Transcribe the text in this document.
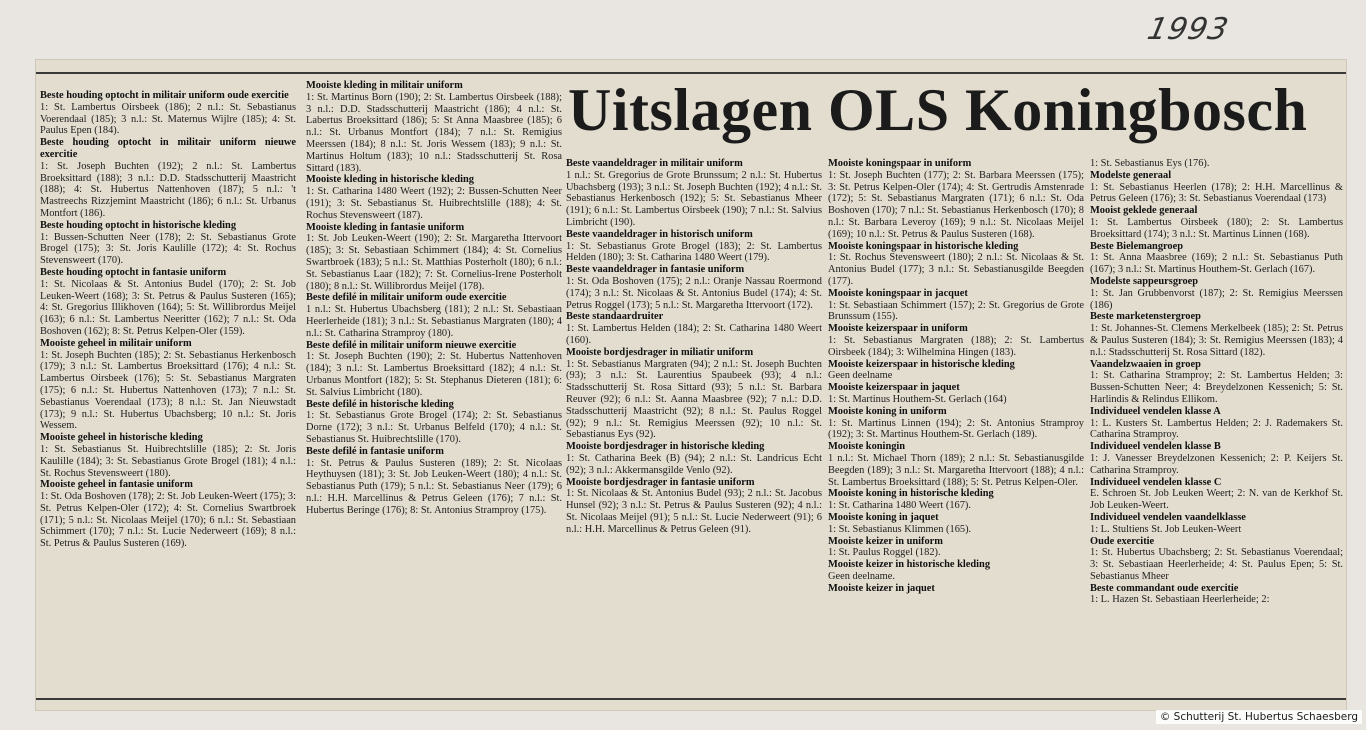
1993
Uitslagen OLS Koningbosch

Beste houding optocht in militair uniform oude exercitie

1: St. Lambertus Oirsbeek (186); 2 n.l.: St. Sebastianus Voerendaal (185); 3 n.l.: St. Maternus Wijlre (185); 4: St. Paulus Epen (184).

Beste houding optocht in militair uniform nieuwe exercitie

1: St. Joseph Buchten (192); 2 n.l.: St. Lambertus Broeksittard (188); 3 n.l.: D.D. Stadsschutterij Maastricht (188); 4: St. Hubertus Nattenhoven (187); 5 n.l.: 't Mastreechs Rizzjemint Maastricht (186); 6 n.l.: St. Urbanus Montfort (186).

Beste houding optocht in historische kleding

1: Bussen-Schutten Neer (178); 2: St. Sebastianus Grote Brogel (175); 3: St. Joris Kaulille (172); 4: St. Rochus Stevensweert (170).

Beste houding optocht in fantasie uniform

1: St. Nicolaas & St. Antonius Budel (170); 2: St. Job Leuken-Weert (168); 3: St. Petrus & Paulus Susteren (165); 4: St. Gregorius Illikhoven (164); 5: St. Willibrordus Meijel (163); 6 n.l.: St. Lambertus Neeritter (162); 7 n.l.: St. Oda Boshoven (162); 8: St. Petrus Kelpen-Oler (159).

Mooiste geheel in militair uniform

1: St. Joseph Buchten (185); 2: St. Sebastianus Herkenbosch (179); 3 n.l.: St. Lambertus Broeksittard (176); 4 n.l.: St. Lambertus Oirsbeek (176); 5: St. Sebastianus Margraten (175); 6 n.l.: St. Hubertus Nattenhoven (173); 7 n.l.: St. Sebastianus Voerendaal (173); 8 n.l.: St. Jan Nieuwstadt (173); 9 n.l.: St. Hubertus Ubachsberg; 10 n.l.: St. Joris Wessem.

Mooiste geheel in historische kleding

1: St. Sebastianus St. Huibrechtslille (185); 2: St. Joris Kaulille (184); 3: St. Sebastianus Grote Brogel (181); 4 n.l.: St. Rochus Stevensweert (180).

Mooiste geheel in fantasie uniform

1: St. Oda Boshoven (178); 2: St. Job Leuken-Weert (175); 3: St. Petrus Kelpen-Oler (172); 4: St. Cornelius Swartbroek (171); 5 n.l.: St. Nicolaas Meijel (170); 6 n.l.: St. Sebastiaan Schimmert (170); 7 n.l.: St. Lucie Nederweert (169); 8 n.l.: St. Petrus & Paulus Susteren (169).

Mooiste kleding in militair uniform

1: St. Martinus Born (190); 2: St. Lambertus Oirsbeek (188); 3 n.l.: D.D. Stadsschutterij Maastricht (186); 4 n.l.: St. Labertus Broeksittard (186); 5: St Anna Maasbree (185); 6 n.l.: St. Urbanus Montfort (184); 7 n.l.: St. Remigius Meerssen (184); 8 n.l.: St. Joris Wessem (183); 9 n.l.: St. Martinus Holtum (183); 10 n.l.: Stadsschutterij St. Rosa Sittard (183).

Mooiste kleding in historische kleding

1: St. Catharina 1480 Weert (192); 2: Bussen-Schutten Neer (191); 3: St. Sebastianus St. Huibrechtslille (188); 4: St. Rochus Stevensweert (187).

Mooiste kleding in fantasie uniform

1: St. Job Leuken-Weert (190); 2: St. Margaretha Ittervoort (185); 3: St. Sebastiaan Schimmert (184); 4: St. Cornelius Swartbroek (183); 5 n.l.: St. Matthias Posterholt (180); 6 n.l.: St. Sebastianus Laar (182); 7: St. Cornelius-Irene Posterholt (180); 8 n.l.: St. Willibrordus Meijel (178).

Beste defilé in militair uniform oude exercitie

1 n.l.: St. Hubertus Ubachsberg (181); 2 n.l.: St. Sebastiaan Heerlerheide (181); 3 n.l.: St. Sebastianus Margraten (180); 4 n.l.: St. Catharina Stramproy (180).

Beste defilé in militair uniform nieuwe exercitie

1: St. Joseph Buchten (190); 2: St. Hubertus Nattenhoven (184); 3 n.l.: St. Lambertus Broeksittard (182); 4 n.l.: St. Urbanus Montfort (182); 5: St. Stephanus Dieteren (181); 6: St. Salvius Limbricht (180).

Beste defilé in historische kleding

1: St. Sebastianus Grote Brogel (174); 2: St. Sebastianus Dorne (172); 3 n.l.: St. Urbanus Belfeld (170); 4 n.l.: St. Sebastianus St. Huibrechtslille (170).

Beste defilé in fantasie uniform

1: St. Petrus & Paulus Susteren (189); 2: St. Nicolaas Heythuysen (181); 3: St. Job Leuken-Weert (180); 4 n.l.: St. Sebastianus Puth (179); 5 n.l.: St. Sebastianus Neer (179); 6 n.l.: H.H. Marcellinus & Petrus Geleen (176); 7 n.l.: St. Hubertus Beringe (176); 8: St. Antonius Stramproy (175).

Beste vaandeldrager in militair uniform

1 n.l.: St. Gregorius de Grote Brunssum; 2 n.l.: St. Hubertus Ubachsberg (193); 3 n.l.: St. Joseph Buchten (192); 4 n.l.: St. Sebastianus Herkenbosch (192); 5: St. Sebastianus Mheer (191); 6 n.l.: St. Lambertus Oirsbeek (190); 7 n.l.: St. Salvius Limbricht (190).

Beste vaandeldrager in historisch uniform

1: St. Sebastianus Grote Brogel (183); 2: St. Lambertus Helden (180); 3: St. Catharina 1480 Weert (179).

Beste vaandeldrager in fantasie uniform

1: St. Oda Boshoven (175); 2 n.l.: Oranje Nassau Roermond (174); 3 n.l.: St. Nicolaas & St. Antonius Budel (174); 4: St. Petrus Roggel (173); 5 n.l.: St. Margaretha Ittervoort (172).

Beste standaardruiter

1: St. Lambertus Helden (184); 2: St. Catharina 1480 Weert (160).

Mooiste bordjesdrager in miliatir uniform

1: St. Sebastianus Margraten (94); 2 n.l.: St. Joseph Buchten (93); 3 n.l.: St. Laurentius Spaubeek (93); 4 n.l.: Stadsschutterij St. Rosa Sittard (93); 5 n.l.: St. Barbara Reuver (92); 6 n.l.: St. Aanna Maasbree (92); 7 n.l.: D.D. Stadsschutterij Maastricht (92); 8 n.l.: St. Paulus Roggel (92); 9 n.l.: St. Remigius Meerssen (92); 10 n.l.: St. Sebastianus Eys (92).

Mooiste bordjesdrager in historische kleding

1: St. Catharina Beek (B) (94); 2 n.l.: St. Landricus Echt (92); 3 n.l.: Akkermansgilde Venlo (92).

Mooiste bordjesdrager in fantasie uniform

1: St. Nicolaas & St. Antonius Budel (93); 2 n.l.: St. Jacobus Hunsel (92); 3 n.l.: St. Petrus & Paulus Susteren (92); 4 n.l.: St. Nicolaas Meijel (91); 5 n.l.: St. Lucie Nederweert (91); 6 n.l.: H.H. Marcellinus & Petrus Geleen (91).

Mooiste koningspaar in uniform

1: St. Joseph Buchten (177); 2: St. Barbara Meerssen (175); 3: St. Petrus Kelpen-Oler (174); 4: St. Gertrudis Amstenrade (172); 5: St. Sebastianus Margraten (171); 6 n.l.: St. Oda Boshoven (170); 7 n.l.: St. Sebastianus Herkenbosch (170); 8 n.l.: St. Barbara Leveroy (169); 9 n.l.: St. Nicolaas Meijel (169); 10 n.l.: St. Petrus & Paulus Susteren (168).

Mooiste koningspaar in historische kleding

1: St. Rochus Stevensweert (180); 2 n.l.: St. Nicolaas & St. Antonius Budel (177); 3 n.l.: St. Sebastianusgilde Beegden (177).

Mooiste koningspaar in jacquet

1: St. Sebastiaan Schimmert (157); 2: St. Gregorius de Grote Brunssum (155).

Mooiste keizerspaar in uniform

1: St. Sebastianus Margraten (188); 2: St. Lambertus Oirsbeek (184); 3: Wilhelmina Hingen (183).

Mooiste keizerspaar in historische kleding

Geen deelname

Mooiste keizerspaar in jaquet

1: St. Martinus Houthem-St. Gerlach (164)

Mooiste koning in uniform

1: St. Martinus Linnen (194); 2: St. Antonius Stramproy (192); 3: St. Martinus Houthem-St. Gerlach (189).

Mooiste koningin

1 n.l.: St. Michael Thorn (189); 2 n.l.: St. Sebastianusgilde Beegden (189); 3 n.l.: St. Margaretha Ittervoort (188); 4 n.l.: St. Lambertus Broeksittard (188); 5: St. Petrus Kelpen-Oler.

Mooiste koning in historische kleding

1: St. Catharina 1480 Weert (167).

Mooiste koning in jaquet

1: St. Sebastianus Klimmen (165).

Mooiste keizer in uniform

1: St. Paulus Roggel (182).

Mooiste keizer in historische kleding

Geen deelname.

Mooiste keizer in jaquet

1: St. Sebastianus Eys (176).

Modelste generaal

1: St. Sebastianus Heerlen (178); 2: H.H. Marcellinus & Petrus Geleen (176); 3: St. Sebastianus Voerendaal (173)

Mooist geklede generaal

1: St. Lambertus Oirsbeek (180); 2: St. Lambertus Broeksittard (174); 3 n.l.: St. Martinus Linnen (168).

Beste Bielemangroep

1: St. Anna Maasbree (169); 2 n.l.: St. Sebastianus Puth (167); 3 n.l.: St. Martinus Houthem-St. Gerlach (167).

Modelste sappeursgroep

1: St. Jan Grubbenvorst (187); 2: St. Remigius Meerssen (186)

Beste marketenstergroep

1: St. Johannes-St. Clemens Merkelbeek (185); 2: St. Petrus & Paulus Susteren (184); 3: St. Remigius Meerssen (183); 4 n.l.: Stadsschutterij St. Rosa Sittard (182).

Vaandelzwaaien in groep

1: St. Catharina Stramproy; 2: St. Lambertus Helden; 3: Bussen-Schutten Neer; 4: Breydelzonen Kessenich; 5: St. Harlindis & Relindus Ellikom.

Individueel vendelen klasse A

1: L. Kusters St. Lambertus Helden; 2: J. Rademakers St. Catharina Stramproy.

Individueel vendelen klasse B

1: J. Vanesser Breydelzonen Kessenich; 2: P. Keijers St. Catharina Stramproy.

Individueel vendelen klasse C

E. Schroen St. Job Leuken Weert; 2: N. van de Kerkhof St. Job Leuken-Weert.

Individueel vendelen vaandelklasse

1: L. Stultiens St. Job Leuken-Weert

Oude exercitie

1: St. Hubertus Ubachsberg; 2: St. Sebastianus Voerendaal; 3: St. Sebastiaan Heerlerheide; 4: St. Paulus Epen; 5: St. Sebastianus Mheer

Beste commandant oude exercitie

1: L. Hazen St. Sebastiaan Heerlerheide; 2:

© Schutterij St. Hubertus Schaesberg
